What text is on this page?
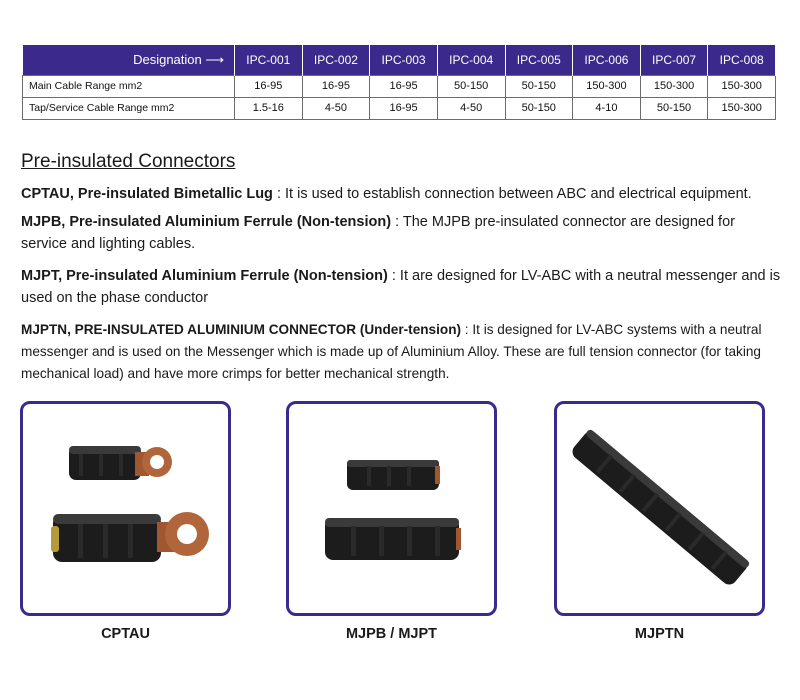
Designation ⟶	IPC-001	IPC-002	IPC-003	IPC-004	IPC-005	IPC-006	IPC-007	IPC-008
Main Cable Range mm2	16-95	16-95	16-95	50-150	50-150	150-300	150-300	150-300
Tap/Service Cable Range mm2	1.5-16	4-50	16-95	4-50	50-150	4-10	50-150	150-300
Pre-insulated Connectors

CPTAU, Pre-insulated Bimetallic Lug : It is used to establish connection between ABC and electrical equipment.

MJPB, Pre-insulated Aluminium Ferrule (Non-tension) : The MJPB pre-insulated connector are designed for service and lighting cables.

MJPT, Pre-insulated Aluminium Ferrule (Non-tension) : It are designed for LV-ABC with a neutral messenger and is used on the phase conductor

MJPTN, PRE-INSULATED ALUMINIUM CONNECTOR (Under-tension) : It is designed for LV-ABC systems with a neutral messenger and is used on the Messenger which is made up of Aluminium Alloy. These are full tension connector (for taking mechanical load) and have more crimps for better mechanical strength.

CPTAU	MJPB / MJPT	MJPTN
